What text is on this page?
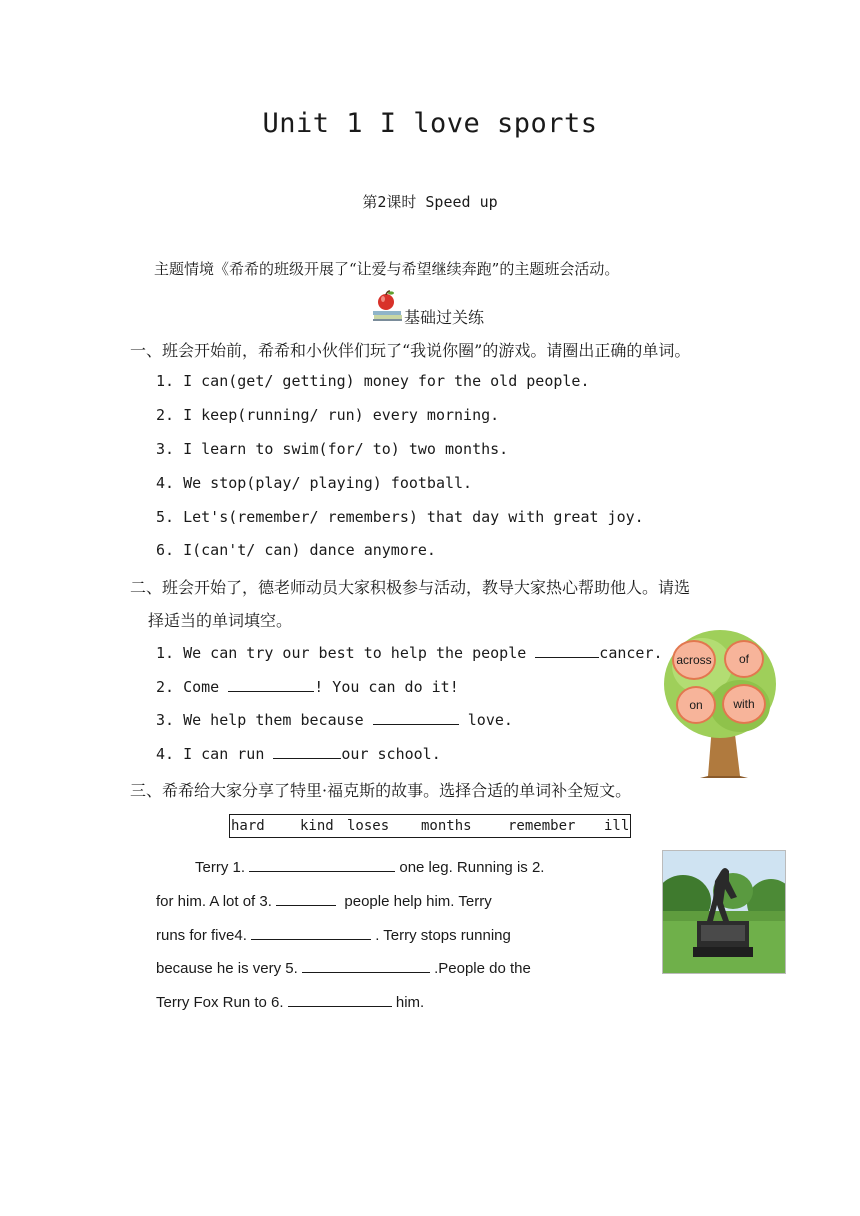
Unit 1 I love sports
第2课时 Speed up
主题情境《希希的班级开展了“让爱与希望继续奔跑”的主题班会活动。
基础过关练
一、班会开始前，希希和小伙伴们玩了“我说你圈”的游戏。请圈出正确的单词。
1. I can(get/ getting) money for the old people.
2. I keep(running/ run) every morning.
3. I learn to swim(for/ to) two months.
4. We stop(play/ playing) football.
5. Let's(remember/ remembers) that day with great joy.
6. I(can't/ can) dance anymore.
二、班会开始了，德老师动员大家积极参与活动，教导大家热心帮助他人。请选
择适当的单词填空。
1. We can try our best to help the people	cancer.
2. Come	! You can do it!
3. We help them because	love.
4. I can run	our school.
across	of
on	with
三、希希给大家分享了特里·福克斯的故事。选择合适的单词补全短文。
hard	kind loses months	remember ill
Terry 1.	one leg. Running is 2.
for him. A lot of 3.	people help him. Terry
runs for five4.	. Terry stops running
because he is very 5.	.People do the
Terry Fox Run to 6.	him.
